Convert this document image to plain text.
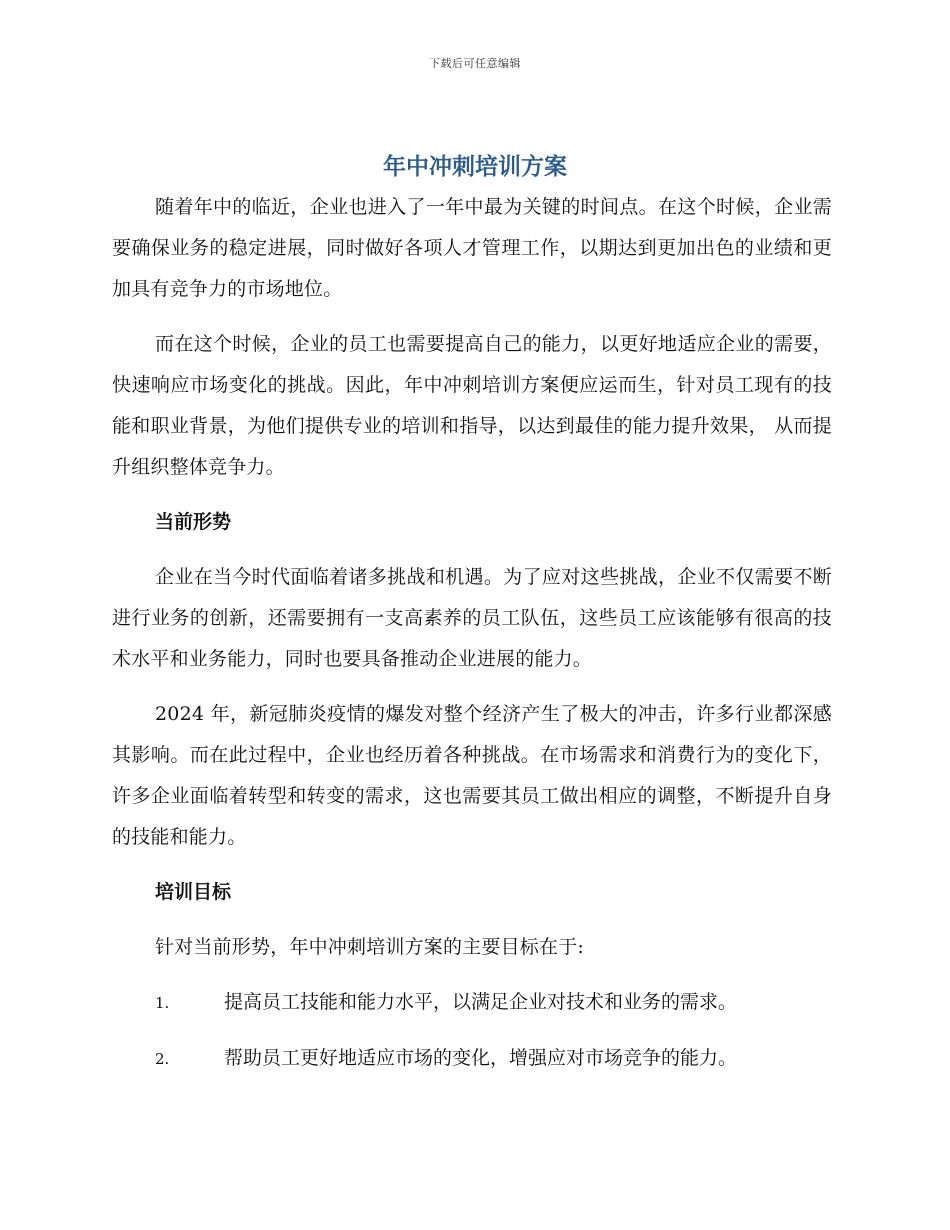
下载后可任意编辑
年中冲刺培训方案

随着年中的临近，企业也进入了一年中最为关键的时间点。在这个时候，企业需要确保业务的稳定进展，同时做好各项人才管理工作，以期达到更加出色的业绩和更加具有竞争力的市场地位。

而在这个时候，企业的员工也需要提高自己的能力，以更好地适应企业的需要，快速响应市场变化的挑战。因此，年中冲刺培训方案便应运而生，针对员工现有的技能和职业背景，为他们提供专业的培训和指导，以达到最佳的能力提升效果， 从而提升组织整体竞争力。

当前形势

企业在当今时代面临着诸多挑战和机遇。为了应对这些挑战，企业不仅需要不断进行业务的创新，还需要拥有一支高素养的员工队伍，这些员工应该能够有很高的技术水平和业务能力，同时也要具备推动企业进展的能力。

2024 年，新冠肺炎疫情的爆发对整个经济产生了极大的冲击，许多行业都深感其影响。而在此过程中，企业也经历着各种挑战。在市场需求和消费行为的变化下，许多企业面临着转型和转变的需求，这也需要其员工做出相应的调整，不断提升自身的技能和能力。

培训目标

针对当前形势，年中冲刺培训方案的主要目标在于:

1.	提高员工技能和能力水平，以满足企业对技术和业务的需求。
2.	帮助员工更好地适应市场的变化，增强应对市场竞争的能力。
